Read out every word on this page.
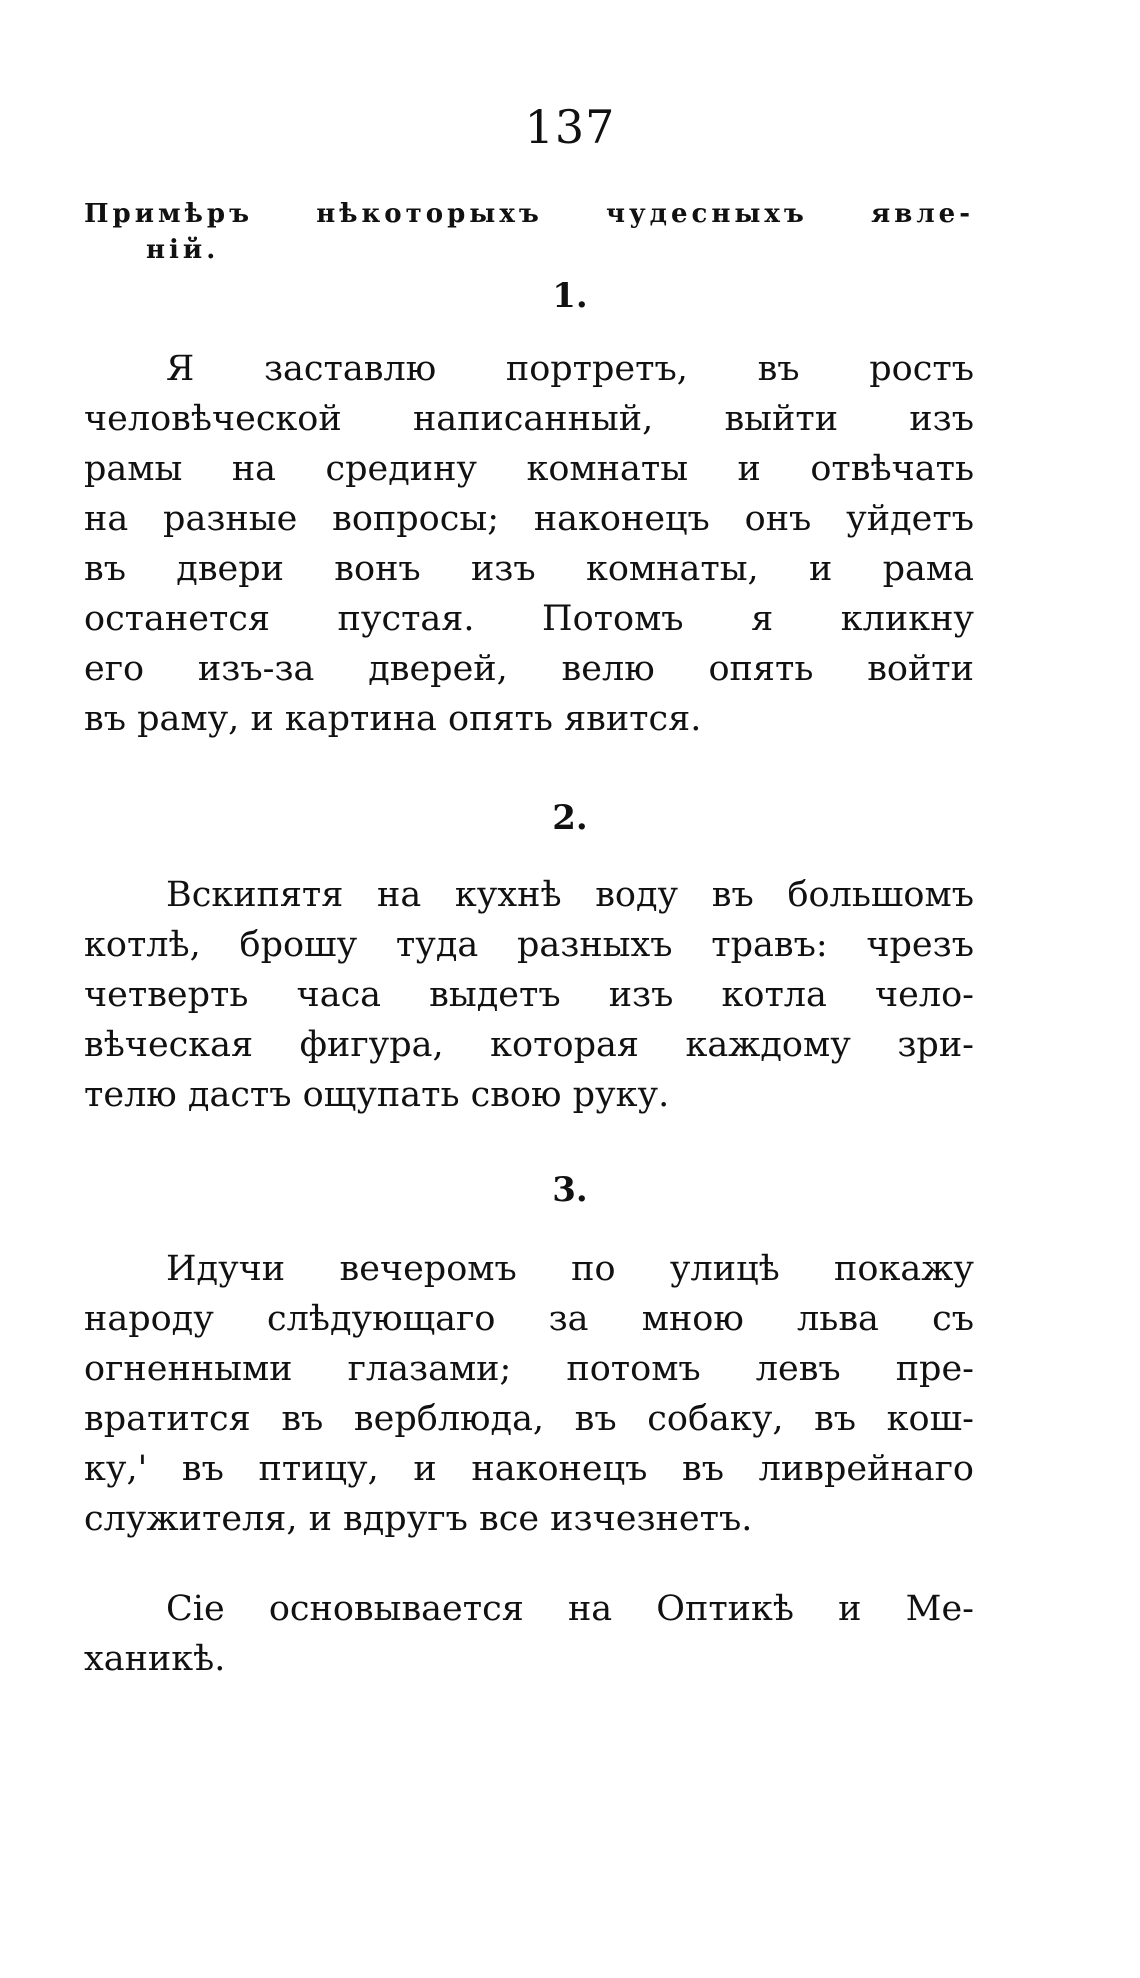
137
Примѣръ нѣкоторыхъ чудесныхъ явле-
ній.
1.
Я заставлю портретъ, въ ростъ
человѣческой написанный, выйти изъ
рамы на средину комнаты и отвѣчать
на разные вопросы; наконецъ онъ уйдетъ
въ двери вонъ изъ комнаты, и рама
останется пустая. Потомъ я кликну
его изъ-за дверей, велю опять войти
въ раму, и картина опять явится.
2.
Вскипятя на кухнѣ воду въ большомъ
котлѣ, брошу туда разныхъ травъ: чрезъ
четверть часа выдетъ изъ котла чело-
вѣческая фигура, которая каждому зри-
телю дастъ ощупать свою руку.
3.
Идучи вечеромъ по улицѣ покажу
народу слѣдующаго за мною льва съ
огненными глазами; потомъ левъ пре-
вратится въ верблюда, въ собаку, въ кош-
ку,' въ птицу, и наконецъ въ ливрейнаго
служителя, и вдругъ все изчезнетъ.
Сіе основывается на Оптикѣ и Ме-
ханикѣ.
